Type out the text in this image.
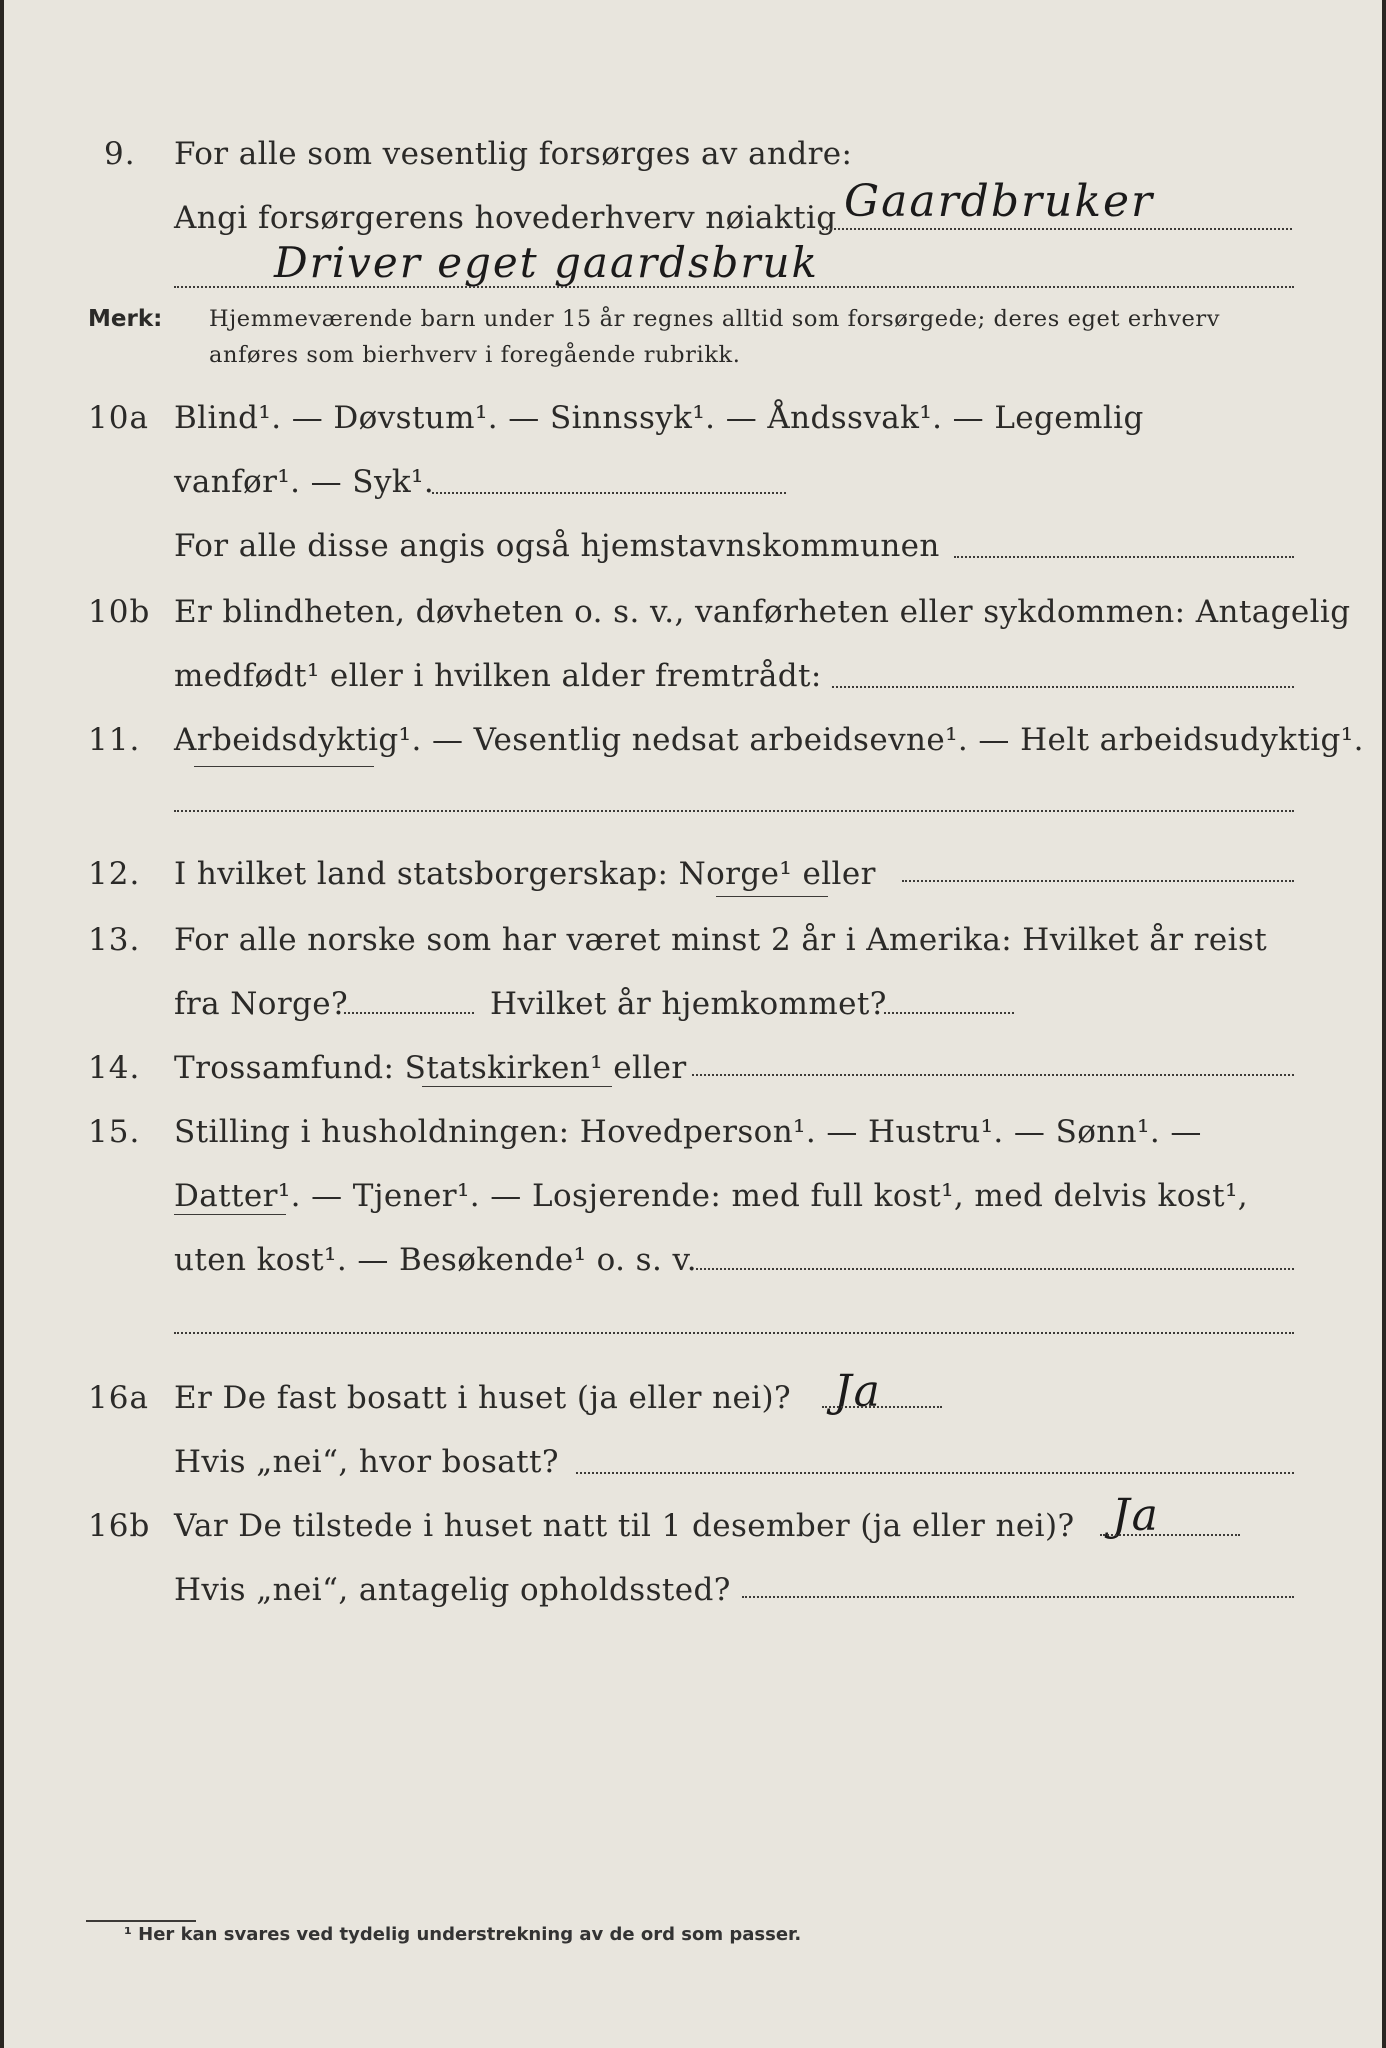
9. For alle som vesentlig forsørges av andre:
Angi forsørgerens hovederhverv nøiaktig Gaardbruker
Driver eget gaardsbruk
Merk: Hjemmeværende barn under 15 år regnes alltid som forsørgede; deres eget erhverv
anføres som bierhverv i foregående rubrikk.
10a Blind¹. — Døvstum¹. — Sinnssyk¹. — Åndssvak¹. — Legemlig
vanfør¹. — Syk¹.
For alle disse angis også hjemstavnskommunen
10b Er blindheten, døvheten o. s. v., vanførheten eller sykdommen: Antagelig
medfødt¹ eller i hvilken alder fremtrådt:
11. Arbeidsdyktig¹. — Vesentlig nedsat arbeidsevne¹. — Helt arbeidsudyktig¹.
12. I hvilket land statsborgerskap: Norge¹ eller
13. For alle norske som har været minst 2 år i Amerika: Hvilket år reist
fra Norge?	Hvilket år hjemkommet?
14. Trossamfund: Statskirken¹ eller
15. Stilling i husholdningen: Hovedperson¹. — Hustru¹. — Sønn¹. —
Datter¹. — Tjener¹. — Losjerende: med full kost¹, med delvis kost¹,
uten kost¹. — Besøkende¹ o. s. v.
16a Er De fast bosatt i huset (ja eller nei)? Ja
Hvis „nei“, hvor bosatt?
16b Var De tilstede i huset natt til 1 desember (ja eller nei)? Ja
Hvis „nei“, antagelig opholdssted?
¹ Her kan svares ved tydelig understrekning av de ord som passer.
